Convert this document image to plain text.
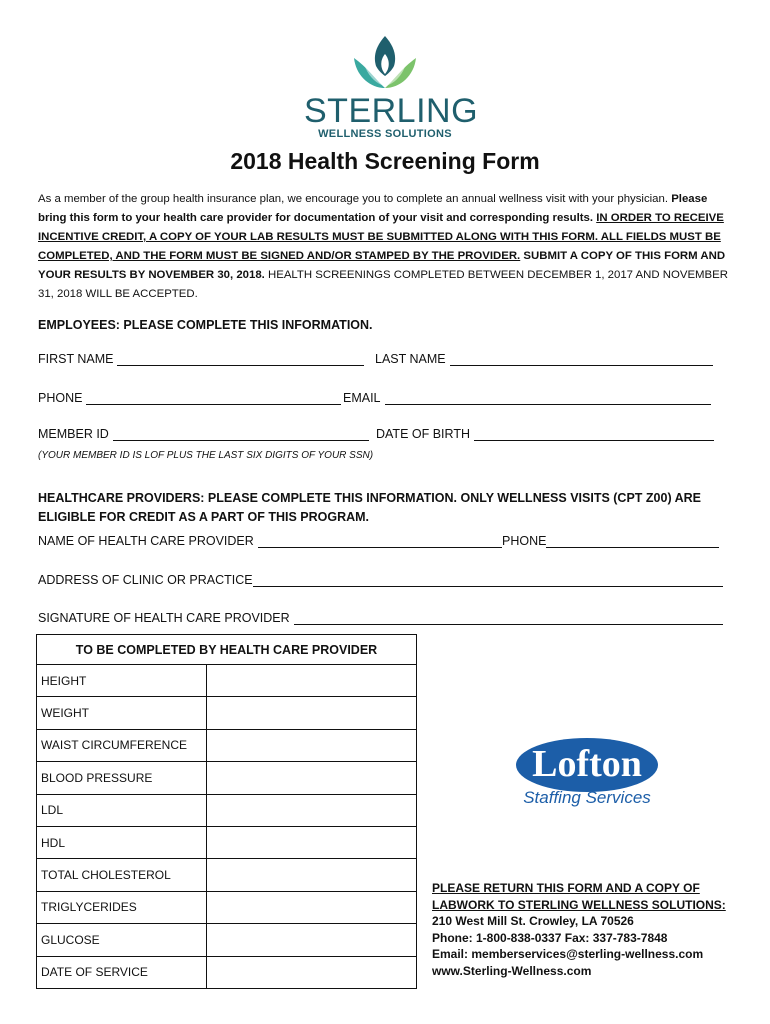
STERLING
WELLNESS SOLUTIONS
2018 Health Screening Form
As a member of the group health insurance plan, we encourage you to complete an annual wellness visit with your physician. Please bring this form to your health care provider for documentation of your visit and corresponding results. IN ORDER TO RECEIVE INCENTIVE CREDIT, A COPY OF YOUR LAB RESULTS MUST BE SUBMITTED ALONG WITH THIS FORM. ALL FIELDS MUST BE COMPLETED, AND THE FORM MUST BE SIGNED AND/OR STAMPED BY THE PROVIDER. SUBMIT A COPY OF THIS FORM AND YOUR RESULTS BY NOVEMBER 30, 2018. HEALTH SCREENINGS COMPLETED BETWEEN DECEMBER 1, 2017 AND NOVEMBER 31, 2018 WILL BE ACCEPTED.
EMPLOYEES: PLEASE COMPLETE THIS INFORMATION.
FIRST NAME	LAST NAME
PHONE	EMAIL
MEMBER ID	DATE OF BIRTH
(YOUR MEMBER ID IS LOF PLUS THE LAST SIX DIGITS OF YOUR SSN)
HEALTHCARE PROVIDERS: PLEASE COMPLETE THIS INFORMATION. ONLY WELLNESS VISITS (CPT Z00) ARE ELIGIBLE FOR CREDIT AS A PART OF THIS PROGRAM.
NAME OF HEALTH CARE PROVIDER	PHONE
ADDRESS OF CLINIC OR PRACTICE
SIGNATURE OF HEALTH CARE PROVIDER
TO BE COMPLETED BY HEALTH CARE PROVIDER	
HEIGHT	
WEIGHT	
WAIST CIRCUMFERENCE	
BLOOD PRESSURE	
LDL	
HDL	
TOTAL CHOLESTEROL	
TRIGLYCERIDES	
GLUCOSE	
DATE OF SERVICE	
Lofton
Staffing Services
PLEASE RETURN THIS FORM AND A COPY OF
LABWORK TO STERLING WELLNESS SOLUTIONS:
210 West Mill St. Crowley, LA 70526
Phone: 1-800-838-0337 Fax: 337-783-7848
Email: memberservices@sterling-wellness.com
www.Sterling-Wellness.com
